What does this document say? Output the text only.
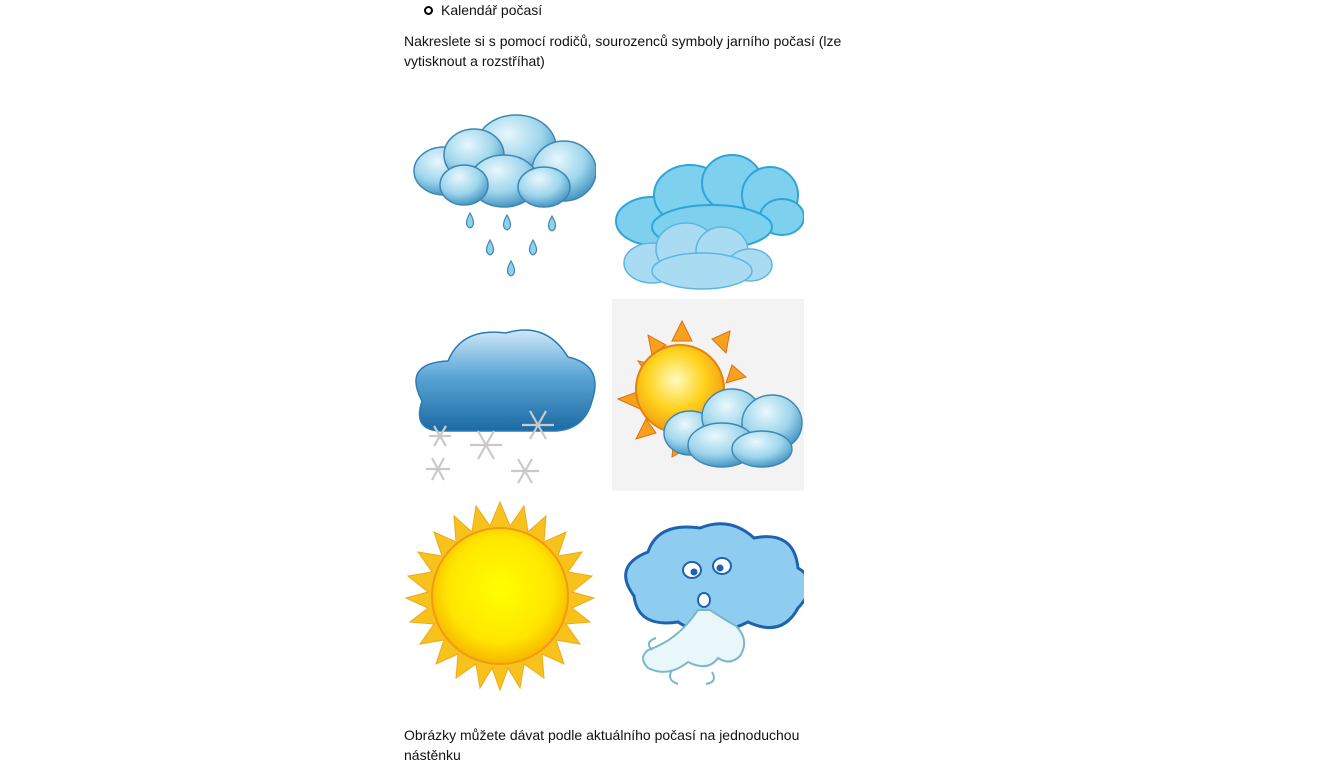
Kalendář počasí
Nakreslete si s pomocí rodičů, sourozenců symboly jarního počasí (lze vytisknout a rozstříhat)
Obrázky můžete dávat podle aktuálního počasí na jednoduchou nástěnku
